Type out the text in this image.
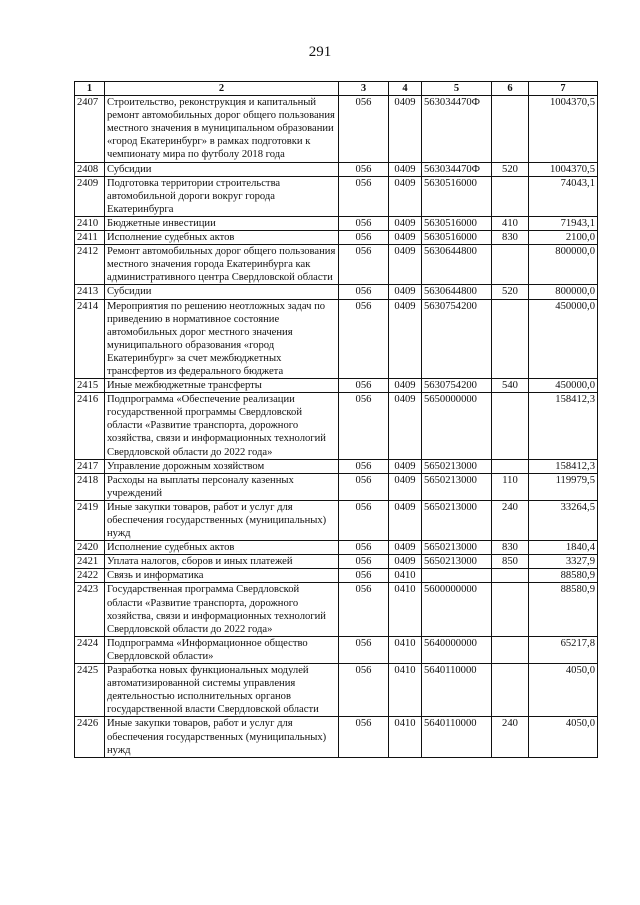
291
1	2	3	4	5	6	7
2407	Строительство, реконструкция и капитальный ремонт автомобильных дорог общего пользования местного значения в муниципальном образовании «город Екатеринбург» в рамках подготовки к чемпионату мира по футболу 2018 года	056	0409	563034470Ф		1004370,5
2408	Субсидии	056	0409	563034470Ф	520	1004370,5
2409	Подготовка территории строительства автомобильной дороги вокруг города Екатеринбурга	056	0409	5630516000		74043,1
2410	Бюджетные инвестиции	056	0409	5630516000	410	71943,1
2411	Исполнение судебных актов	056	0409	5630516000	830	2100,0
2412	Ремонт автомобильных дорог общего пользования местного значения города Екатеринбурга как административного центра Свердловской области	056	0409	5630644800		800000,0
2413	Субсидии	056	0409	5630644800	520	800000,0
2414	Мероприятия по решению неотложных задач по приведению в нормативное состояние автомобильных дорог местного значения муниципального образования «город Екатеринбург» за счет межбюджетных трансфертов из федерального бюджета	056	0409	5630754200		450000,0
2415	Иные межбюджетные трансферты	056	0409	5630754200	540	450000,0
2416	Подпрограмма «Обеспечение реализации государственной программы Свердловской области «Развитие транспорта, дорожного хозяйства, связи и информационных технологий Свердловской области до 2022 года»	056	0409	5650000000		158412,3
2417	Управление дорожным хозяйством	056	0409	5650213000		158412,3
2418	Расходы на выплаты персоналу казенных учреждений	056	0409	5650213000	110	119979,5
2419	Иные закупки товаров, работ и услуг для обеспечения государственных (муниципальных) нужд	056	0409	5650213000	240	33264,5
2420	Исполнение судебных актов	056	0409	5650213000	830	1840,4
2421	Уплата налогов, сборов и иных платежей	056	0409	5650213000	850	3327,9
2422	Связь и информатика	056	0410			88580,9
2423	Государственная программа Свердловской области «Развитие транспорта, дорожного хозяйства, связи и информационных технологий Свердловской области до 2022 года»	056	0410	5600000000		88580,9
2424	Подпрограмма «Информационное общество Свердловской области»	056	0410	5640000000		65217,8
2425	Разработка новых функциональных модулей автоматизированной системы управления деятельностью исполнительных органов государственной власти Свердловской области	056	0410	5640110000		4050,0
2426	Иные закупки товаров, работ и услуг для обеспечения государственных (муниципальных) нужд	056	0410	5640110000	240	4050,0
